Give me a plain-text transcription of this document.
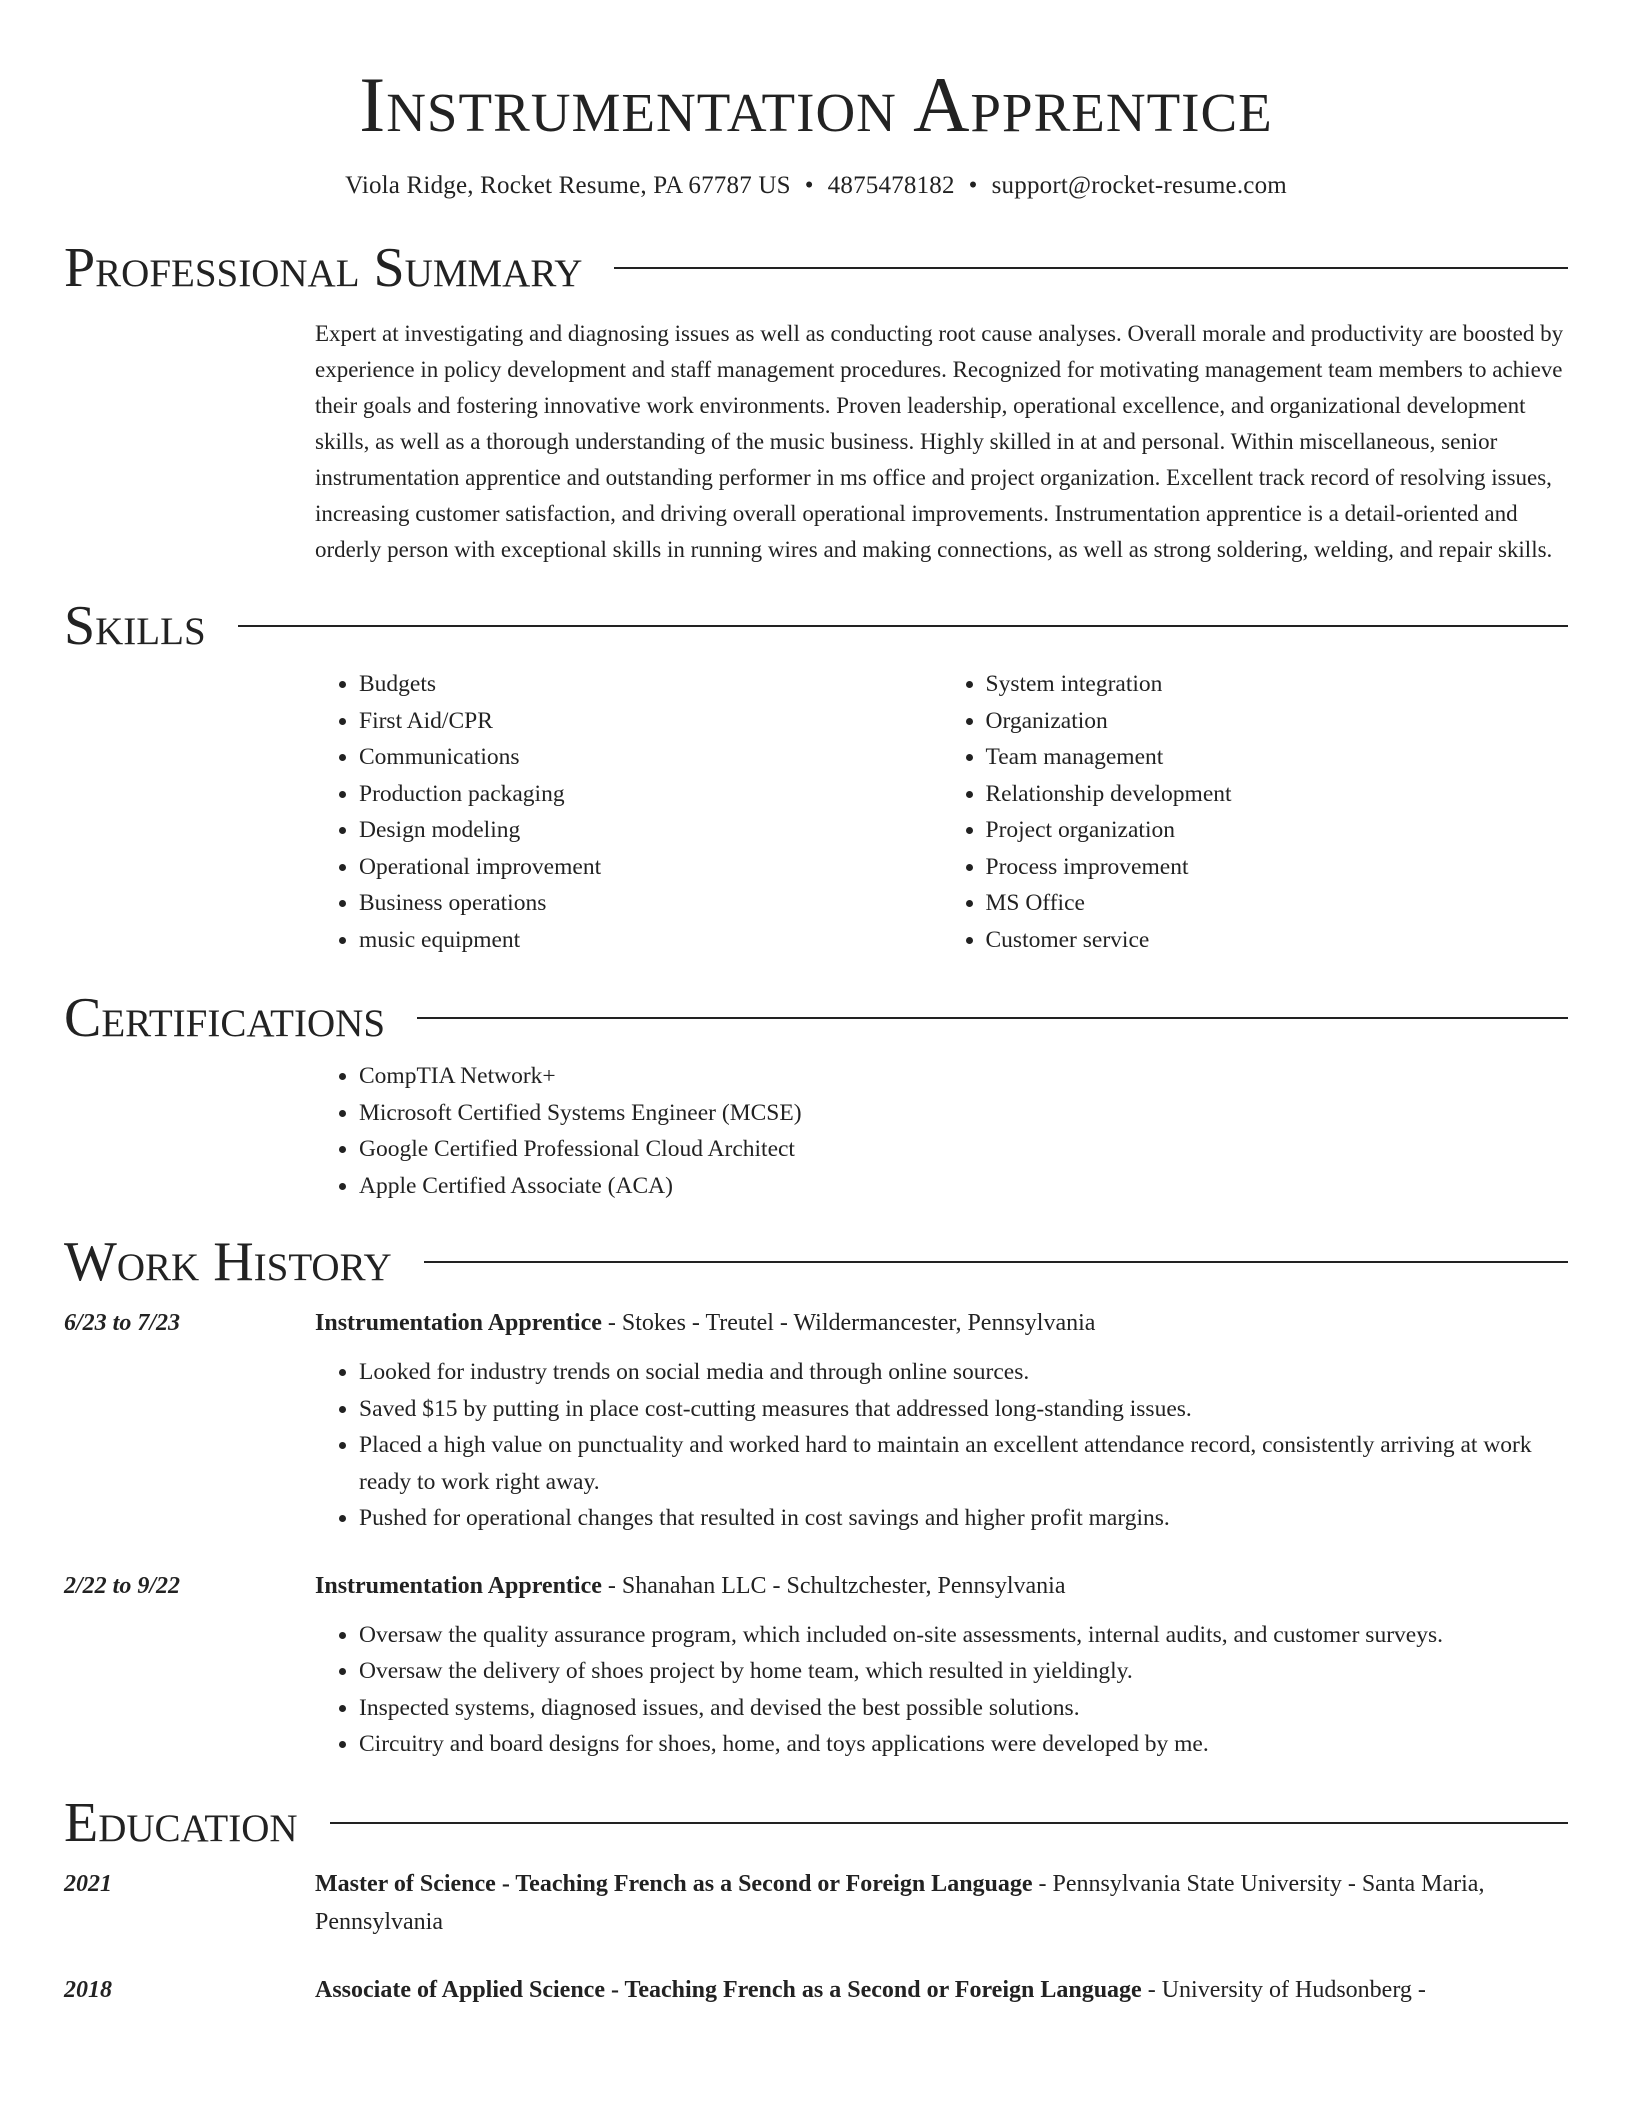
Instrumentation Apprentice
Viola Ridge, Rocket Resume, PA 67787 US • 4875478182 • support@rocket-resume.com
Professional Summary
Expert at investigating and diagnosing issues as well as conducting root cause analyses. Overall morale and productivity are boosted by experience in policy development and staff management procedures. Recognized for motivating management team members to achieve their goals and fostering innovative work environments. Proven leadership, operational excellence, and organizational development skills, as well as a thorough understanding of the music business. Highly skilled in at and personal. Within miscellaneous, senior instrumentation apprentice and outstanding performer in ms office and project organization. Excellent track record of resolving issues, increasing customer satisfaction, and driving overall operational improvements. Instrumentation apprentice is a detail-oriented and orderly person with exceptional skills in running wires and making connections, as well as strong soldering, welding, and repair skills.
Skills
• Budgets
• First Aid/CPR
• Communications
• Production packaging
• Design modeling
• Operational improvement
• Business operations
• music equipment
• System integration
• Organization
• Team management
• Relationship development
• Project organization
• Process improvement
• MS Office
• Customer service
Certifications
• CompTIA Network+
• Microsoft Certified Systems Engineer (MCSE)
• Google Certified Professional Cloud Architect
• Apple Certified Associate (ACA)
Work History
6/23 to 7/23	Instrumentation Apprentice - Stokes - Treutel - Wildermancester, Pennsylvania
• Looked for industry trends on social media and through online sources.
• Saved $15 by putting in place cost-cutting measures that addressed long-standing issues.
• Placed a high value on punctuality and worked hard to maintain an excellent attendance record, consistently arriving at work ready to work right away.
• Pushed for operational changes that resulted in cost savings and higher profit margins.
2/22 to 9/22	Instrumentation Apprentice - Shanahan LLC - Schultzchester, Pennsylvania
• Oversaw the quality assurance program, which included on-site assessments, internal audits, and customer surveys.
• Oversaw the delivery of shoes project by home team, which resulted in yieldingly.
• Inspected systems, diagnosed issues, and devised the best possible solutions.
• Circuitry and board designs for shoes, home, and toys applications were developed by me.
Education
2021	Master of Science - Teaching French as a Second or Foreign Language - Pennsylvania State University - Santa Maria, Pennsylvania
2018	Associate of Applied Science - Teaching French as a Second or Foreign Language - University of Hudsonberg -
